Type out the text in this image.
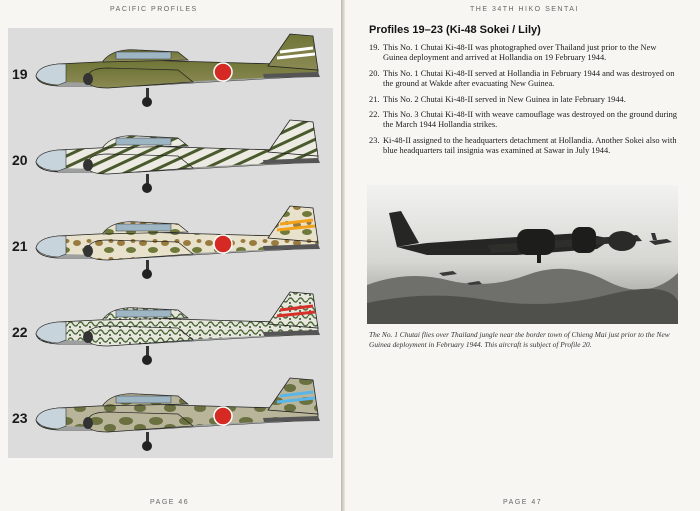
PACIFIC PROFILES
19
20
21
22
23
PAGE 46
THE 34TH HIKO SENTAI
Profiles 19–23 (Ki-48 Sokei / Lily)
19. This No. 1 Chutai Ki-48-II was photographed over Thailand just prior to the New Guinea deployment and arrived at Hollandia on 19 February 1944.
20. This No. 1 Chutai Ki-48-II served at Hollandia in February 1944 and was destroyed on the ground at Wakde after evacuating New Guinea.
21. This No. 2 Chutai Ki-48-II served in New Guinea in late February 1944.
22. This No. 3 Chutai Ki-48-II with weave camouflage was destroyed on the ground during the March 1944 Hollandia strikes.
23. Ki-48-II assigned to the headquarters detachment at Hollandia. Another Sokei also with blue headquarters tail insignia was examined at Sawar in July 1944.
The No. 1 Chutai flies over Thailand jungle near the border town of Chieng Mai just prior to the New Guinea deployment in February 1944. This aircraft is subject of Profile 20.
PAGE 47
